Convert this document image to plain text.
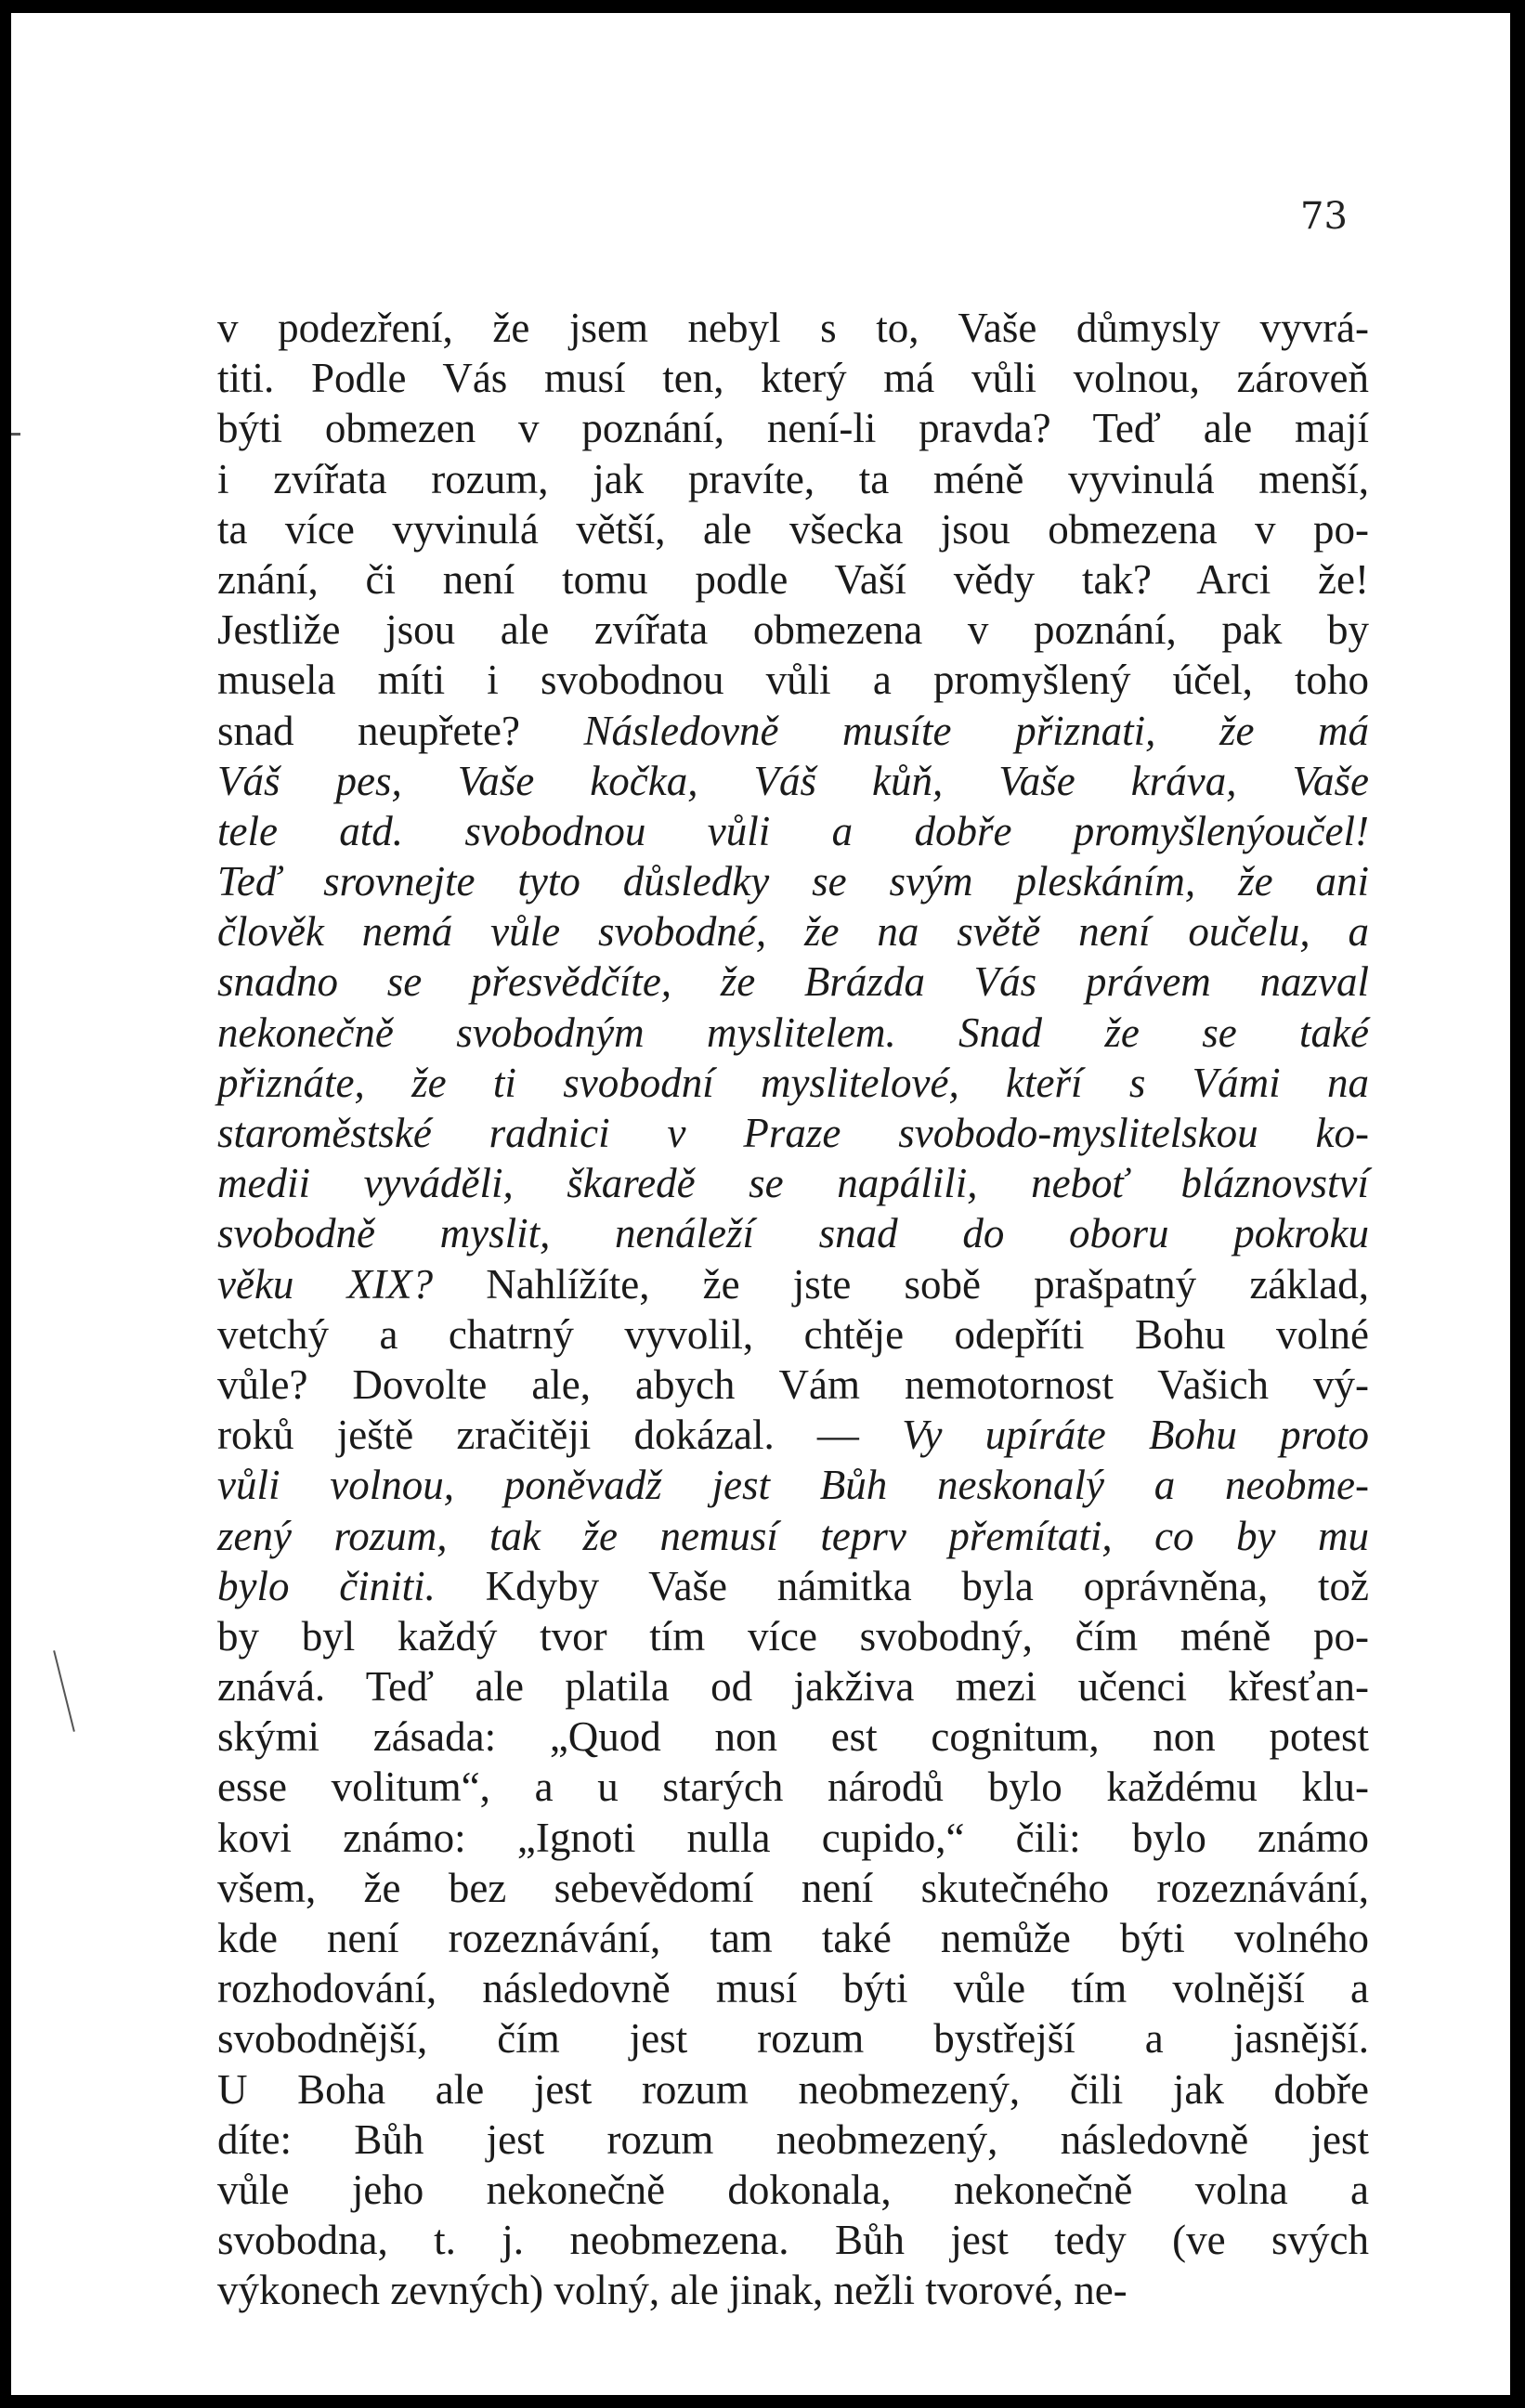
73

v podezření, že jsem nebyl s to, Vaše důmysly vyvrá-
titi. Podle Vás musí ten, který má vůli volnou, zároveň
býti obmezen v poznání, není-li pravda? Teď ale mají
i zvířata rozum, jak pravíte, ta méně vyvinulá menší,
ta více vyvinulá větší, ale všecka jsou obmezena v po-
znání, či není tomu podle Vaší vědy tak? Arci že!
Jestliže jsou ale zvířata obmezena v poznání, pak by
musela míti i svobodnou vůli a promyšlený účel, toho
snad neupřete? Následovně musíte přiznati, že má
Váš pes, Vaše kočka, Váš kůň, Vaše kráva, Vaše
tele atd. svobodnou vůli a dobře promyšlenýoučel!
Teď srovnejte tyto důsledky se svým pleskáním, že ani
člověk nemá vůle svobodné, že na světě není oučelu, a
snadno se přesvědčíte, že Brázda Vás právem nazval
nekonečně svobodným myslitelem. Snad že se také
přiznáte, že ti svobodní myslitelové, kteří s Vámi na
staroměstské radnici v Praze svobodo-myslitelskou ko-
medii vyváděli, škaredě se napálili, neboť bláznovství
svobodně myslit, nenáleží snad do oboru pokroku
věku XIX? Nahlížíte, že jste sobě prašpatný základ,
vetchý a chatrný vyvolil, chtěje odepříti Bohu volné
vůle? Dovolte ale, abych Vám nemotornost Vašich vý-
roků ještě zračitěji dokázal. — Vy upíráte Bohu proto
vůli volnou, poněvadž jest Bůh neskonalý a neobme-
zený rozum, tak že nemusí teprv přemítati, co by mu
bylo činiti. Kdyby Vaše námitka byla oprávněna, tož
by byl každý tvor tím více svobodný, čím méně po-
znává. Teď ale platila od jakživa mezi učenci křesťan-
skými zásada: „Quod non est cognitum, non potest
esse volitum“, a u starých národů bylo každému klu-
kovi známo: „Ignoti nulla cupido,“ čili: bylo známo
všem, že bez sebevědomí není skutečného rozeznávání,
kde není rozeznávání, tam také nemůže býti volného
rozhodování, následovně musí býti vůle tím volnější a
svobodnější, čím jest rozum bystřejší a jasnější.
U Boha ale jest rozum neobmezený, čili jak dobře
díte: Bůh jest rozum neobmezený, následovně jest
vůle jeho nekonečně dokonala, nekonečně volna a
svobodna, t. j. neobmezena. Bůh jest tedy (ve svých
výkonech zevných) volný, ale jinak, nežli tvorové, ne-
